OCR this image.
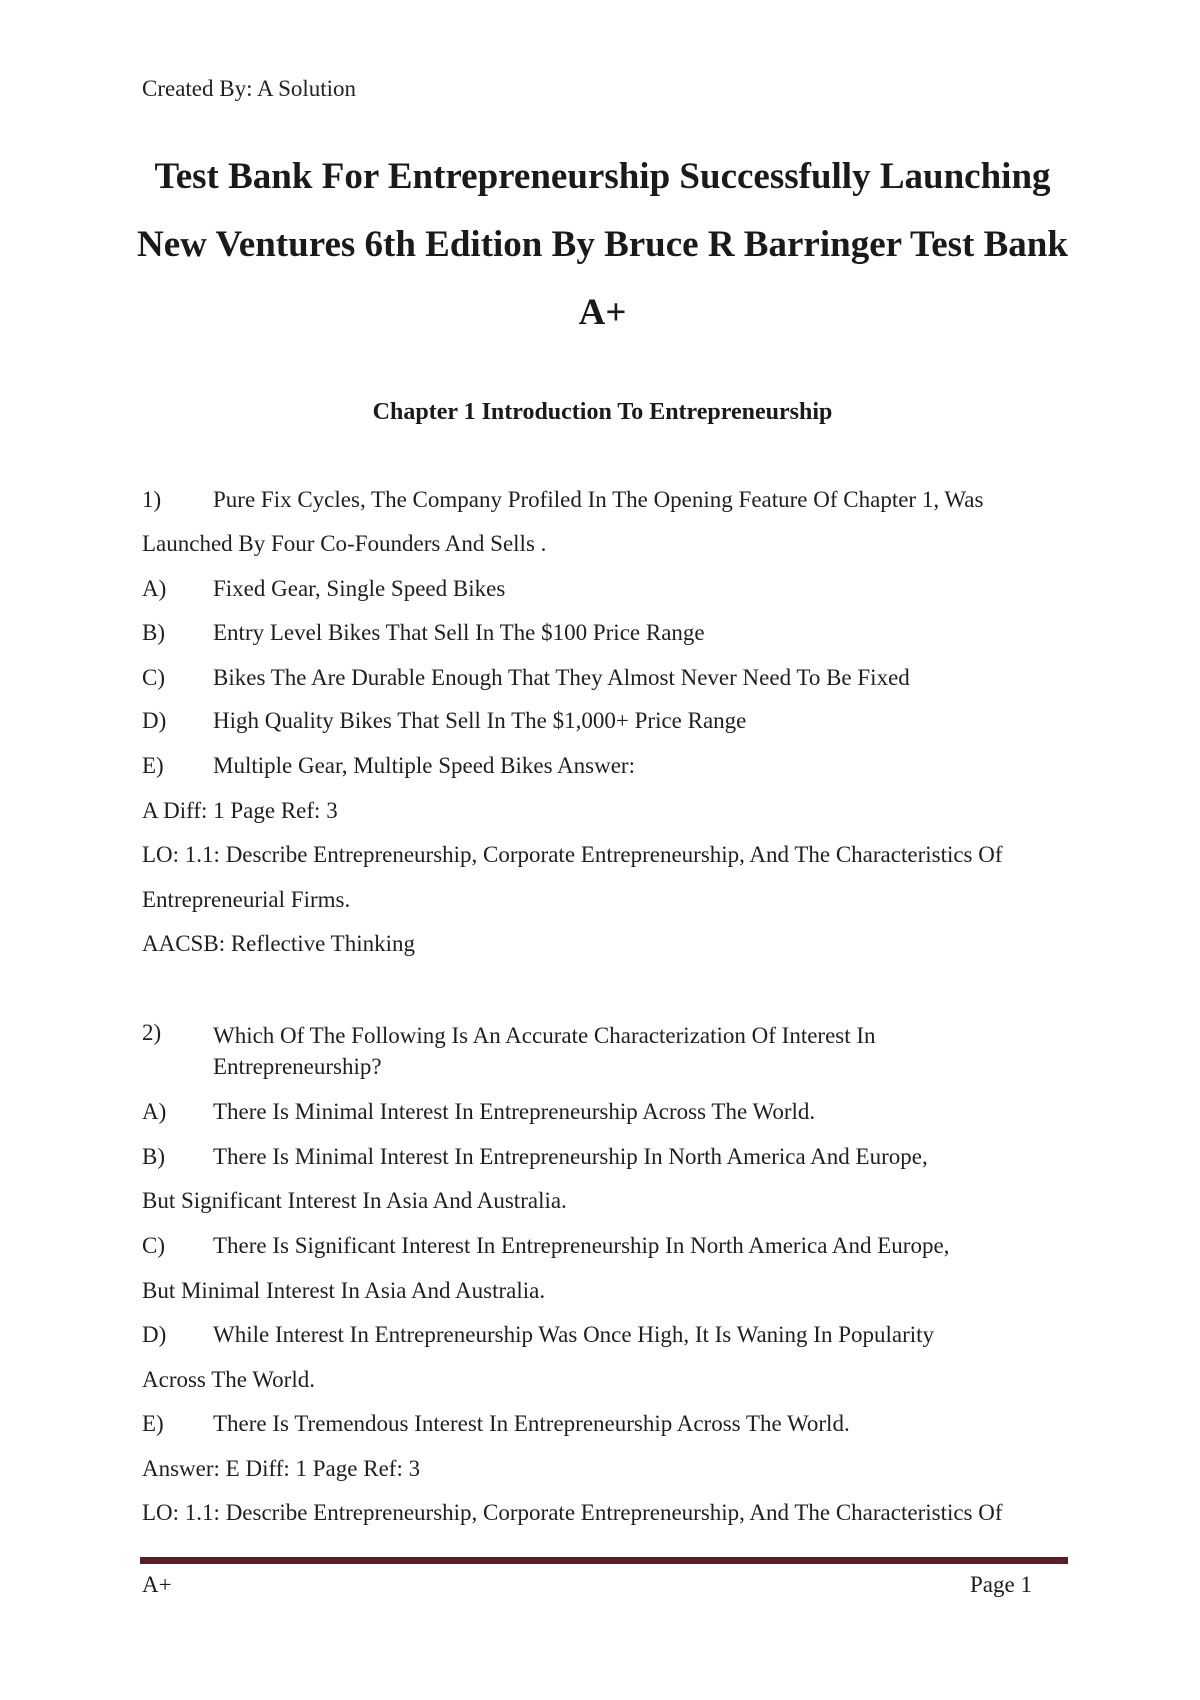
Created By: A Solution
Test Bank For Entrepreneurship Successfully Launching
New Ventures 6th Edition By Bruce R Barringer Test Bank
A+
Chapter 1 Introduction To Entrepreneurship
1) Pure Fix Cycles, The Company Profiled In The Opening Feature Of Chapter 1, Was
Launched By Four Co-Founders And Sells .
A) Fixed Gear, Single Speed Bikes
B) Entry Level Bikes That Sell In The $100 Price Range
C) Bikes The Are Durable Enough That They Almost Never Need To Be Fixed
D) High Quality Bikes That Sell In The $1,000+ Price Range
E) Multiple Gear, Multiple Speed Bikes Answer:
A Diff: 1 Page Ref: 3
LO: 1.1: Describe Entrepreneurship, Corporate Entrepreneurship, And The Characteristics Of
Entrepreneurial Firms.
AACSB: Reflective Thinking
2) Which Of The Following Is An Accurate Characterization Of Interest In Entrepreneurship?
A) There Is Minimal Interest In Entrepreneurship Across The World.
B) There Is Minimal Interest In Entrepreneurship In North America And Europe,
But Significant Interest In Asia And Australia.
C) There Is Significant Interest In Entrepreneurship In North America And Europe,
But Minimal Interest In Asia And Australia.
D) While Interest In Entrepreneurship Was Once High, It Is Waning In Popularity
Across The World.
E) There Is Tremendous Interest In Entrepreneurship Across The World.
Answer: E Diff: 1 Page Ref: 3
LO: 1.1: Describe Entrepreneurship, Corporate Entrepreneurship, And The Characteristics Of
A+	Page 1
